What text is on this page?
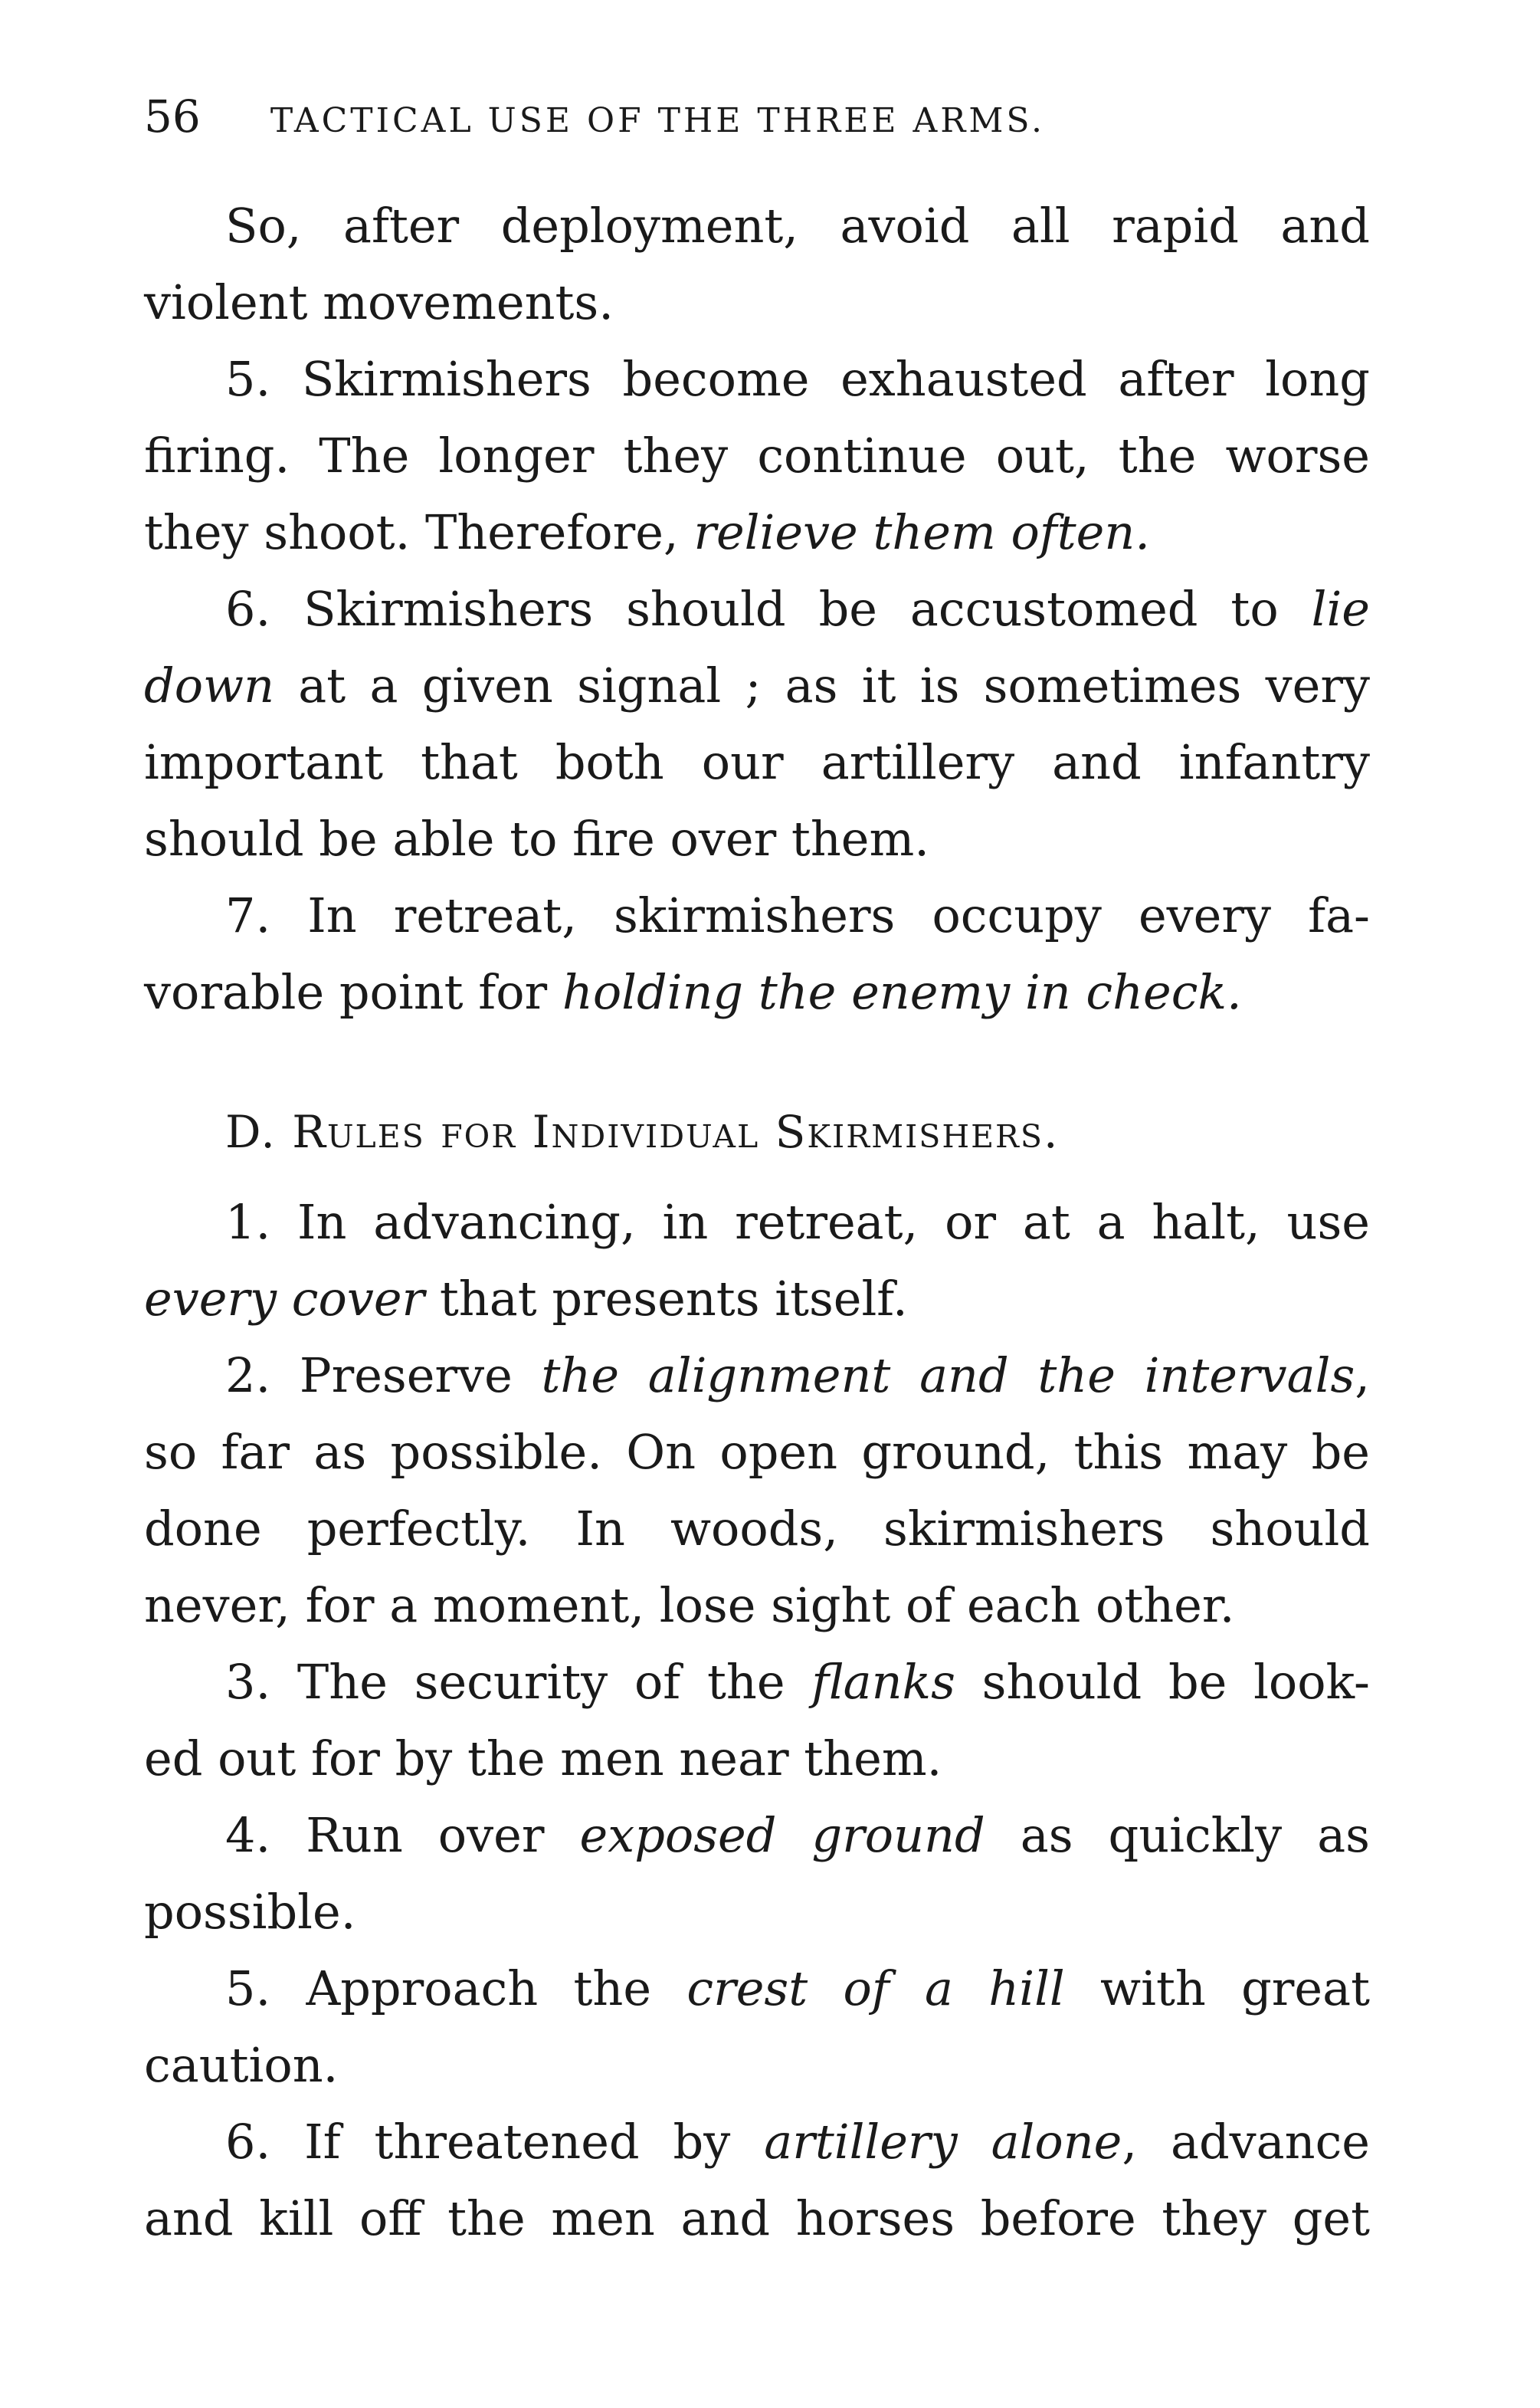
56 TACTICAL USE OF THE THREE ARMS.
So, after deployment, avoid all rapid and
violent movements.
5. Skirmishers become exhausted after long
firing. The longer they continue out, the worse
they shoot. Therefore, relieve them often.
6. Skirmishers should be accustomed to lie
down at a given signal ; as it is sometimes very
important that both our artillery and infantry
should be able to fire over them.
7. In retreat, skirmishers occupy every fa-
vorable point for holding the enemy in check.
D. Rules for Individual Skirmishers.
1. In advancing, in retreat, or at a halt, use
every cover that presents itself.
2. Preserve the alignment and the intervals,
so far as possible. On open ground, this may be
done perfectly. In woods, skirmishers should
never, for a moment, lose sight of each other.
3. The security of the flanks should be look-
ed out for by the men near them.
4. Run over exposed ground as quickly as
possible.
5. Approach the crest of a hill with great
caution.
6. If threatened by artillery alone, advance
and kill off the men and horses before they get
